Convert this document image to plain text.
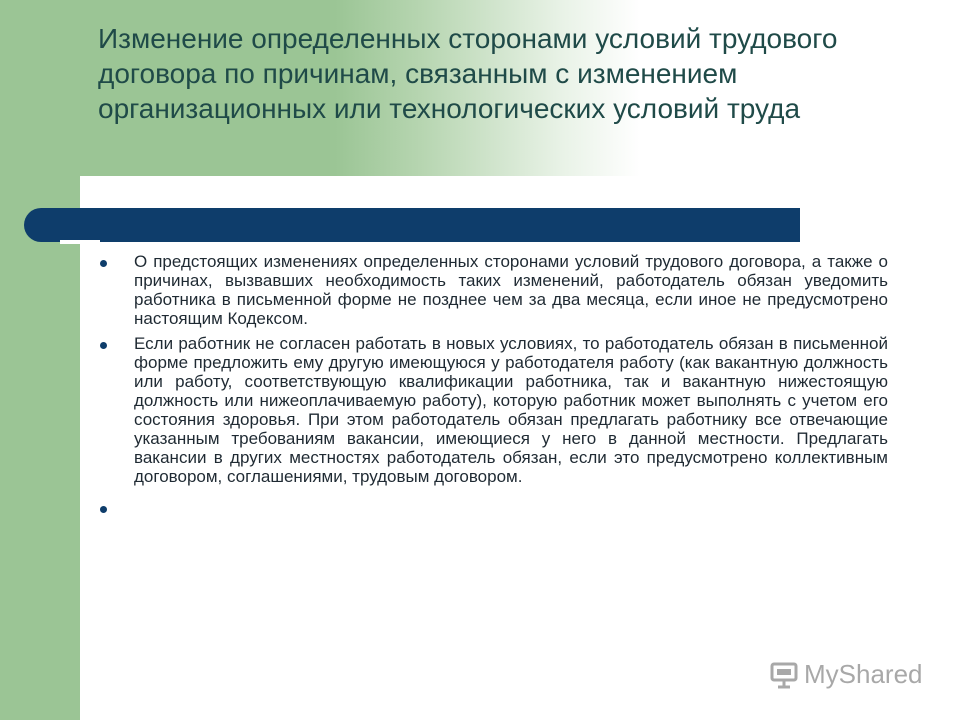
Изменение определенных сторонами условий трудового договора по причинам, связанным с изменением организационных или технологических условий труда
О предстоящих изменениях определенных сторонами условий трудового договора, а также о причинах, вызвавших необходимость таких изменений, работодатель обязан уведомить работника в письменной форме не позднее чем за два месяца, если иное не предусмотрено настоящим Кодексом.
Если работник не согласен работать в новых условиях, то работодатель обязан в письменной форме предложить ему другую имеющуюся у работодателя работу (как вакантную должность или работу, соответствующую квалификации работника, так и вакантную нижестоящую должность или нижеоплачиваемую работу), которую работник может выполнять с учетом его состояния здоровья. При этом работодатель обязан предлагать работнику все отвечающие указанным требованиям вакансии, имеющиеся у него в данной местности. Предлагать вакансии в других местностях работодатель обязан, если это предусмотрено коллективным договором, соглашениями, трудовым договором.
MyShared
